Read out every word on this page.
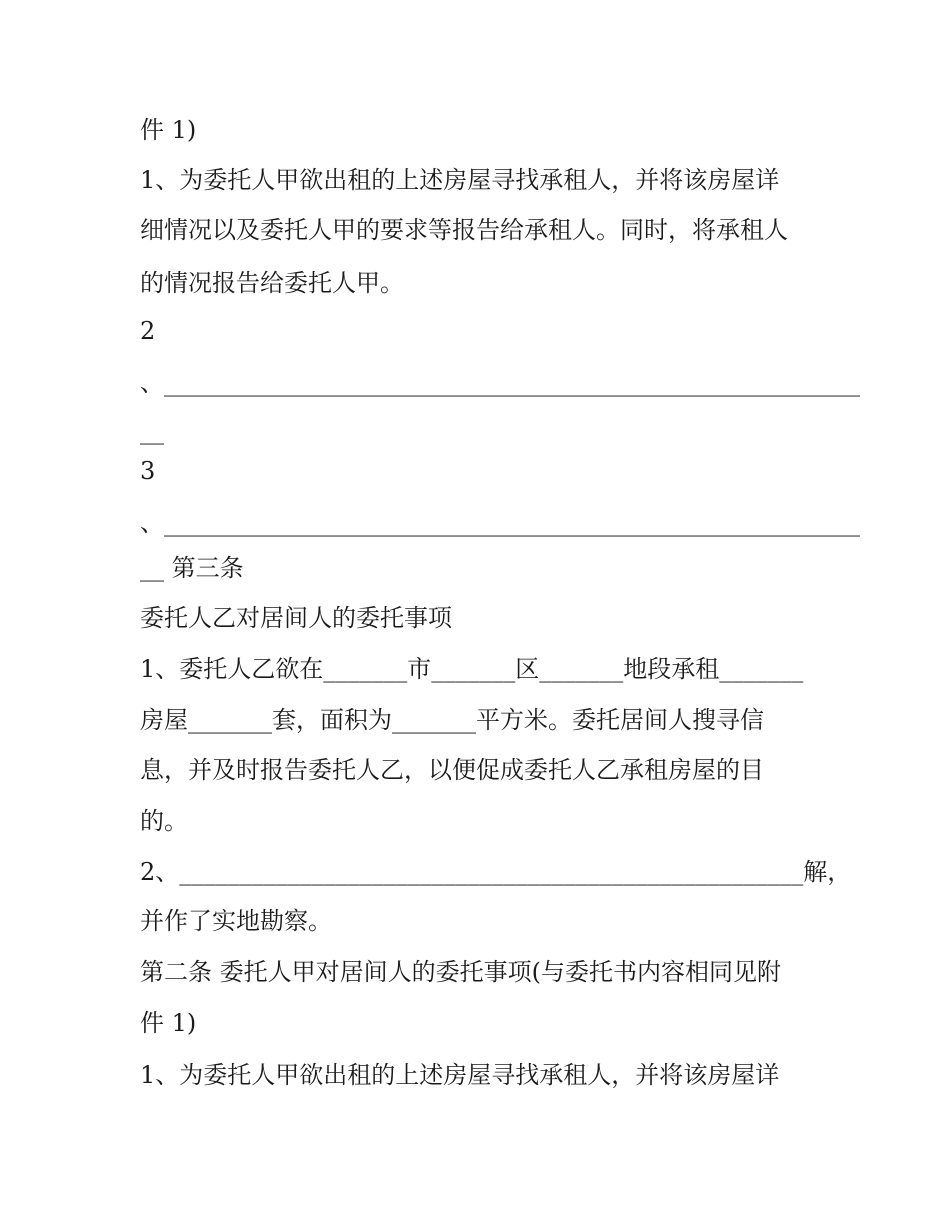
件 1)
1、为委托人甲欲出租的上述房屋寻找承租人，并将该房屋详
细情况以及委托人甲的要求等报告给承租人。同时，将承租人
的情况报告给委托人甲。
2
、__________________________________________________________
__
3
、__________________________________________________________
__ 第三条
委托人乙对居间人的委托事项
1、委托人乙欲在_______市_______区_______地段承租_______
房屋_______套，面积为_______平方米。委托居间人搜寻信
息，并及时报告委托人乙，以便促成委托人乙承租房屋的目
的。
2、____________________________________________________解，
并作了实地勘察。
第二条 委托人甲对居间人的委托事项(与委托书内容相同见附
件 1)
1、为委托人甲欲出租的上述房屋寻找承租人，并将该房屋详
